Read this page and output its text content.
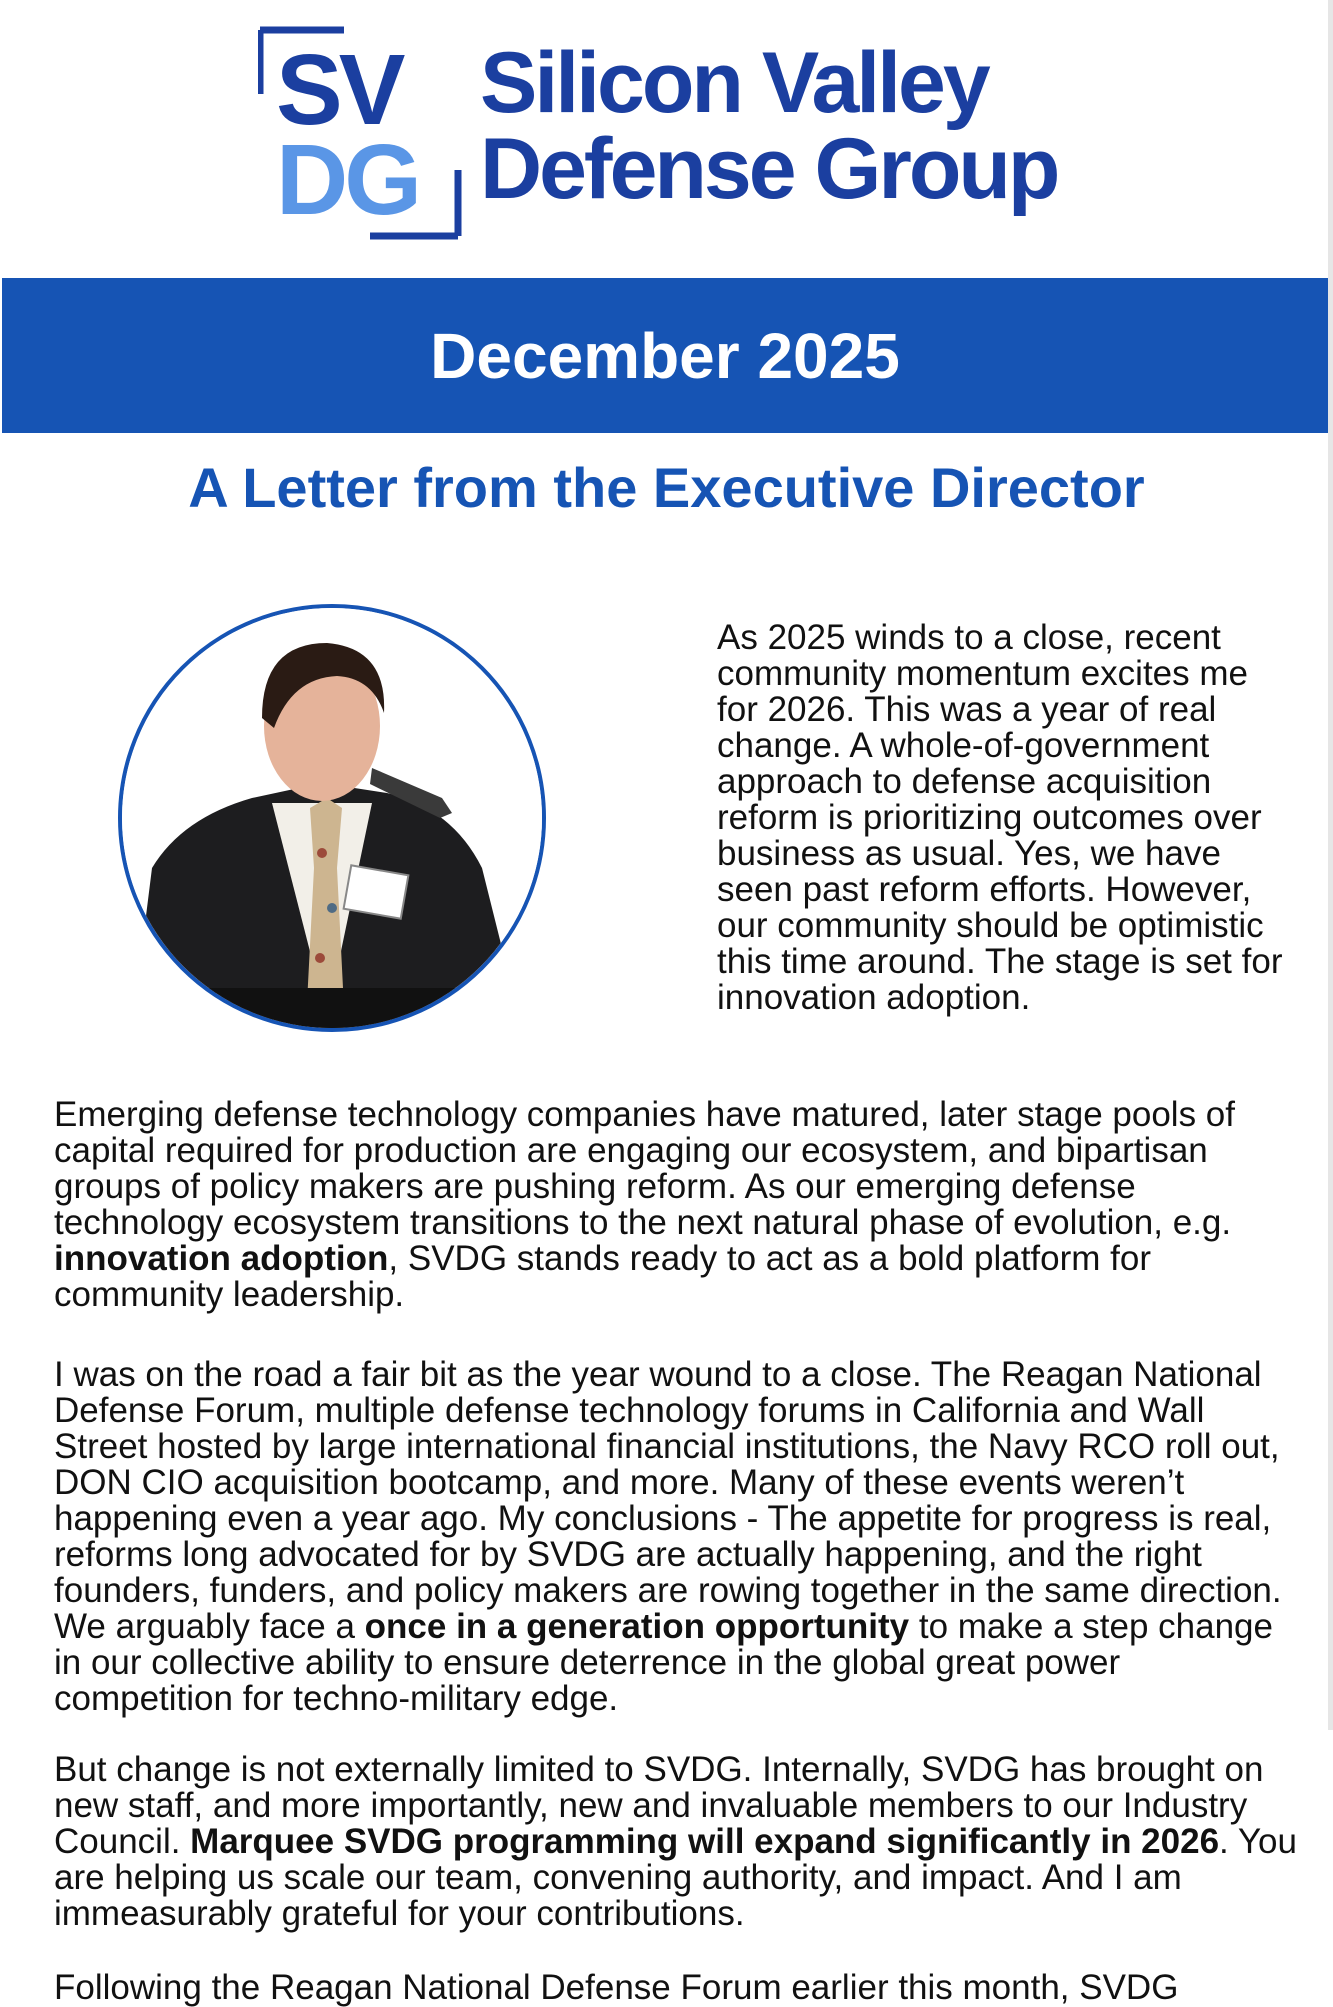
SV
DG
Silicon Valley
Defense Group
December 2025
A Letter from the Executive Director
As 2025 winds to a close, recent community momentum excites me for 2026. This was a year of real change. A whole-of-government approach to defense acquisition reform is prioritizing outcomes over business as usual. Yes, we have seen past reform efforts. However, our community should be optimistic this time around. The stage is set for innovation adoption.
Emerging defense technology companies have matured, later stage pools of capital required for production are engaging our ecosystem, and bipartisan groups of policy makers are pushing reform. As our emerging defense technology ecosystem transitions to the next natural phase of evolution, e.g. innovation adoption, SVDG stands ready to act as a bold platform for community leadership.
I was on the road a fair bit as the year wound to a close. The Reagan National Defense Forum, multiple defense technology forums in California and Wall Street hosted by large international financial institutions, the Navy RCO roll out, DON CIO acquisition bootcamp, and more. Many of these events weren’t happening even a year ago. My conclusions - The appetite for progress is real, reforms long advocated for by SVDG are actually happening, and the right founders, funders, and policy makers are rowing together in the same direction. We arguably face a once in a generation opportunity to make a step change in our collective ability to ensure deterrence in the global great power competition for techno-military edge.
But change is not externally limited to SVDG. Internally, SVDG has brought on new staff, and more importantly, new and invaluable members to our Industry Council. Marquee SVDG programming will expand significantly in 2026. You are helping us scale our team, convening authority, and impact. And I am immeasurably grateful for your contributions.
Following the Reagan National Defense Forum earlier this month, SVDG
